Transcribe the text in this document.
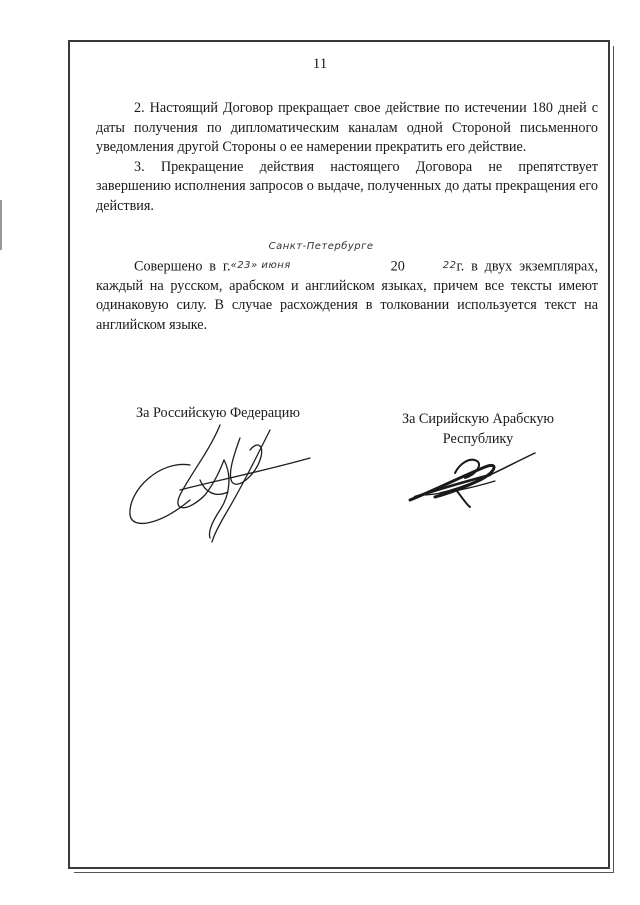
11

2. Настоящий Договор прекращает свое действие по истечении 180 дней с даты получения по дипломатическим каналам одной Стороной письменного уведомления другой Стороны о ее намерении прекратить его действие.

3. Прекращение действия настоящего Договора не препятствует завершению исполнения запросов о выдаче, полученных до даты прекращения его действия.

Совершено в г.Санкт-Петербурге «23» июня	20	22г. в двух экземплярах, каждый на русском, арабском и английском языках, причем все тексты имеют одинаковую силу. В случае расхождения в толковании используется текст на английском языке.

За Российскую Федерацию	За Сирийскую Арабскую
Республику
